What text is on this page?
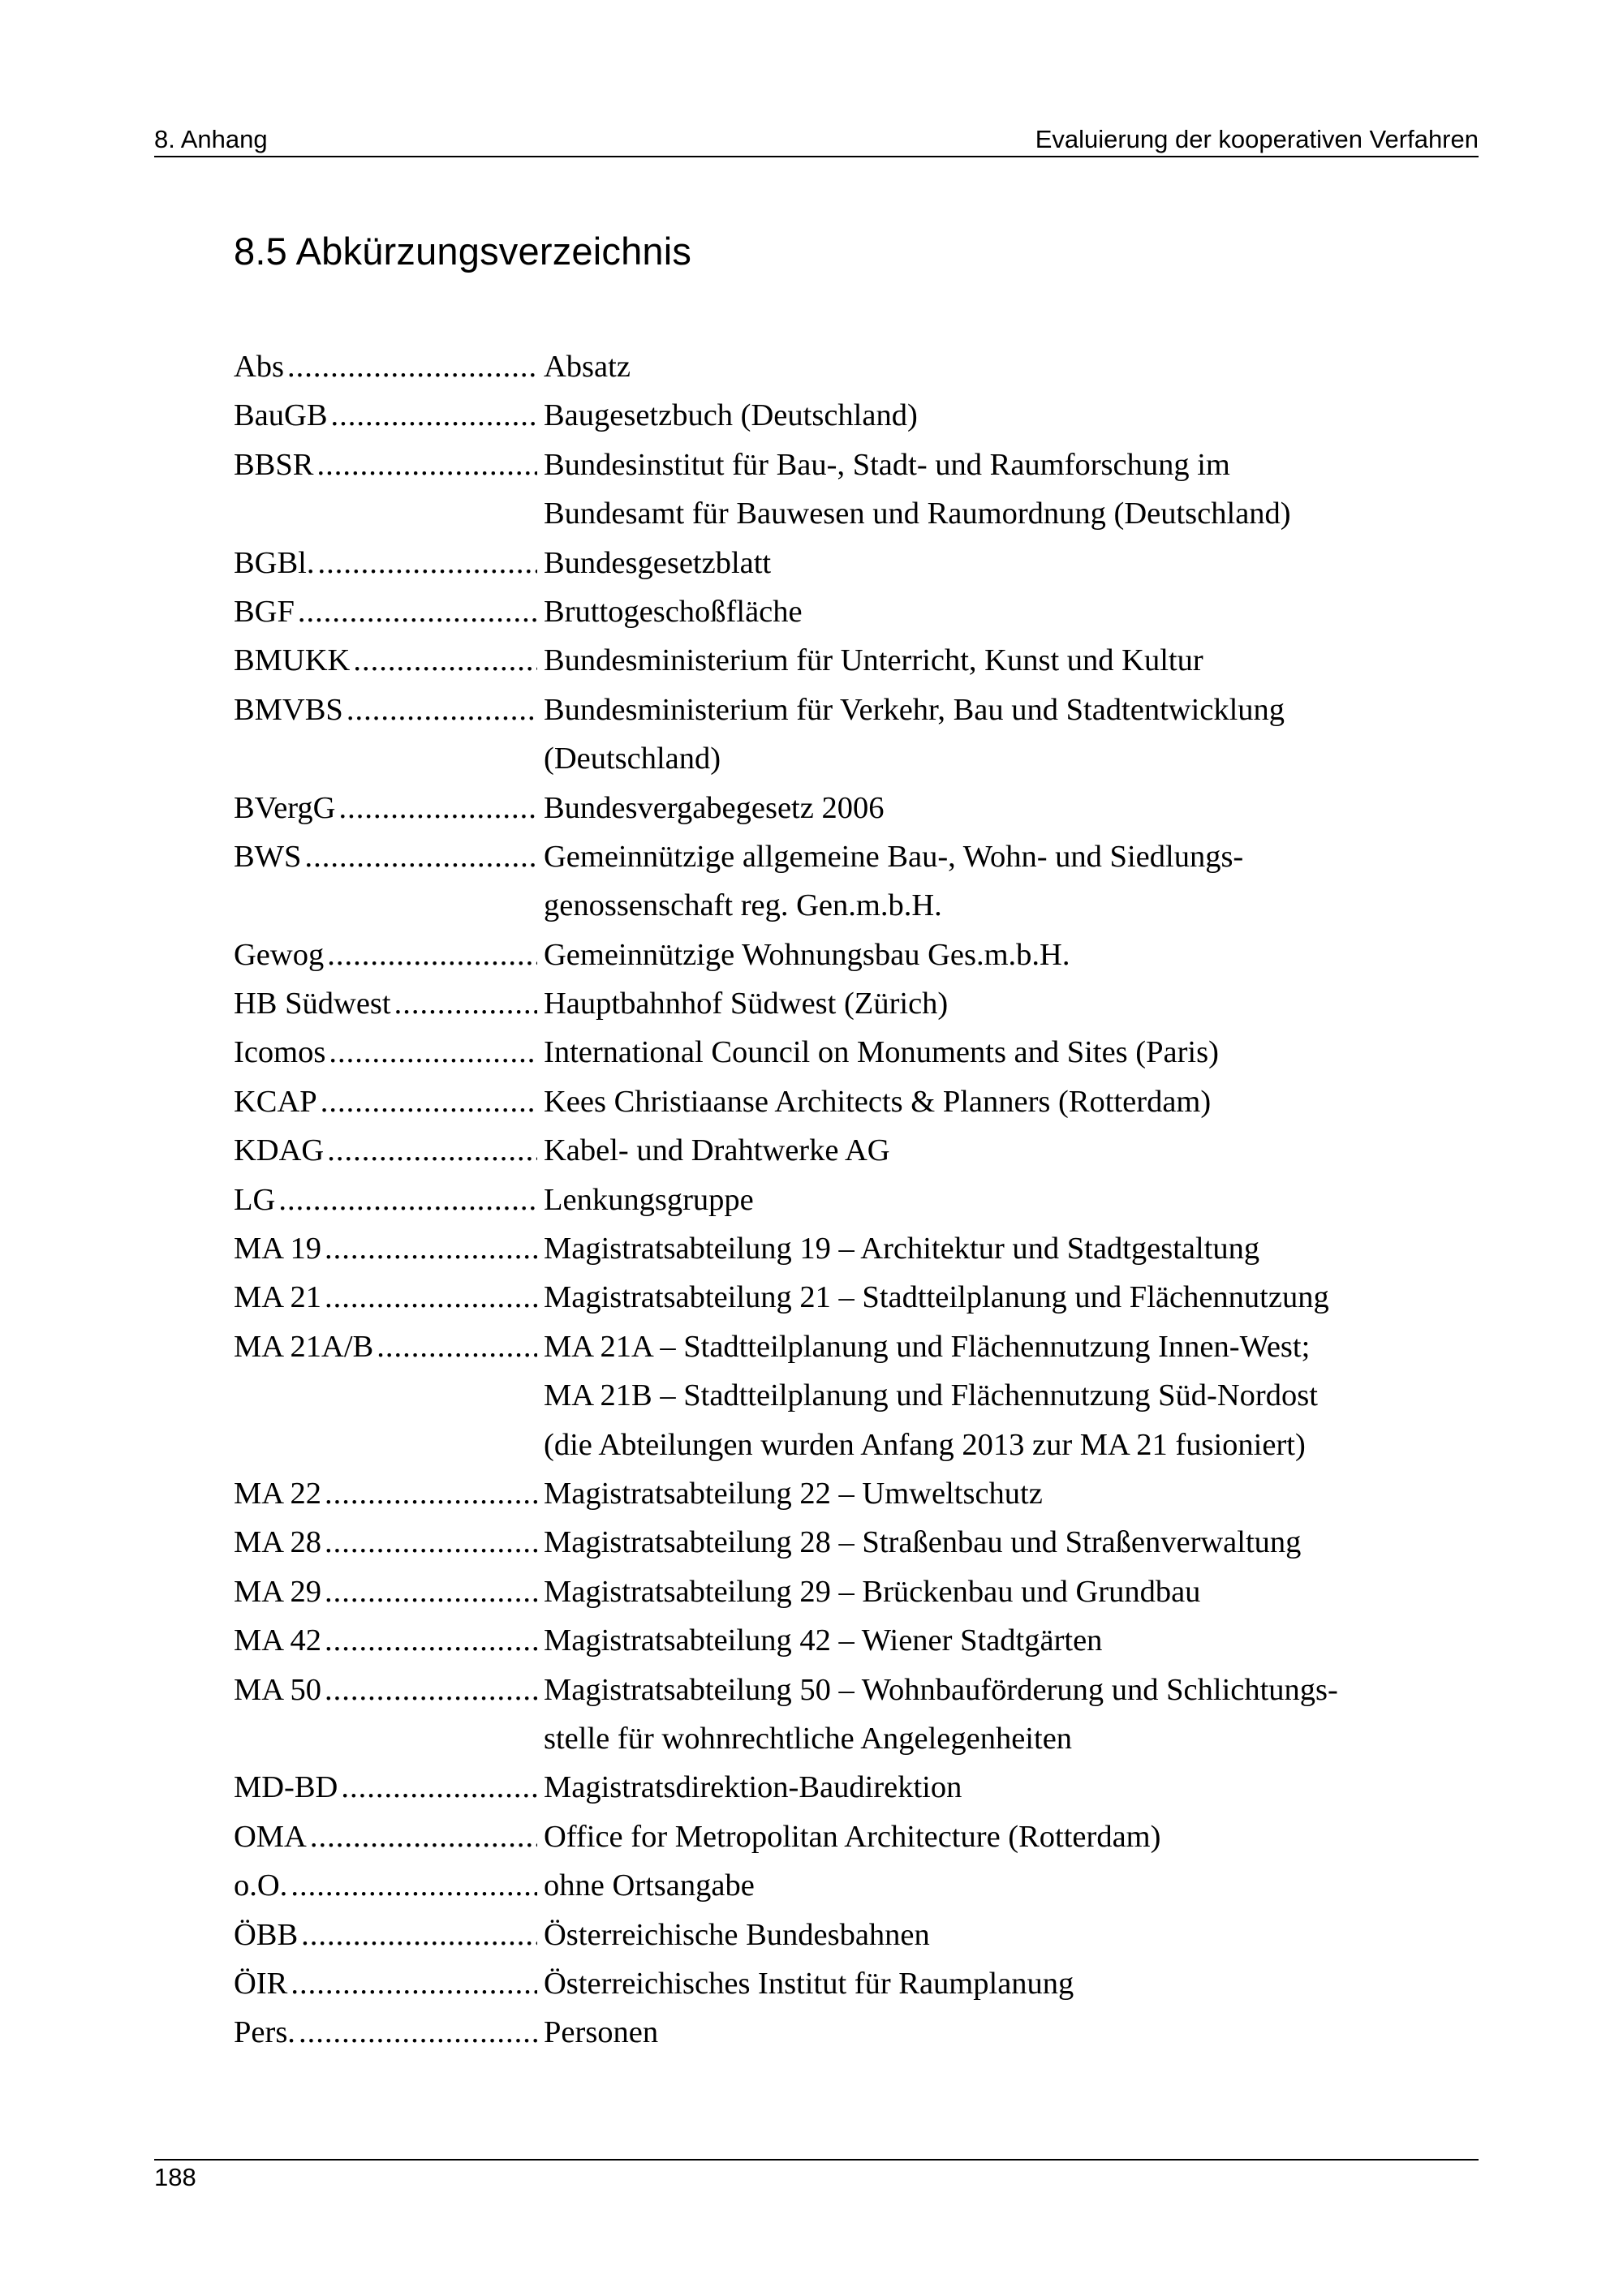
8. Anhang	Evaluierung der kooperativen Verfahren
8.5 Abkürzungsverzeichnis
Abs .....	Absatz
BauGB .....	Baugesetzbuch (Deutschland)
BBSR .....	Bundesinstitut für Bau-, Stadt- und Raumforschung im
Bundesamt für Bauwesen und Raumordnung (Deutschland)
BGBl. .....	Bundesgesetzblatt
BGF .....	Bruttogeschoßfläche
BMUKK .....	Bundesministerium für Unterricht, Kunst und Kultur
BMVBS .....	Bundesministerium für Verkehr, Bau und Stadtentwicklung
(Deutschland)
BVergG .....	Bundesvergabegesetz 2006
BWS .....	Gemeinnützige allgemeine Bau-, Wohn- und Siedlungs-
genossenschaft reg. Gen.m.b.H.
Gewog .....	Gemeinnützige Wohnungsbau Ges.m.b.H.
HB Südwest .....	Hauptbahnhof Südwest (Zürich)
Icomos .....	International Council on Monuments and Sites (Paris)
KCAP .....	Kees Christiaanse Architects & Planners (Rotterdam)
KDAG .....	Kabel- und Drahtwerke AG
LG .....	Lenkungsgruppe
MA 19 .....	Magistratsabteilung 19 – Architektur und Stadtgestaltung
MA 21 .....	Magistratsabteilung 21 – Stadtteilplanung und Flächennutzung
MA 21A/B .....	MA 21A – Stadtteilplanung und Flächennutzung Innen-West;
MA 21B – Stadtteilplanung und Flächennutzung Süd-Nordost
(die Abteilungen wurden Anfang 2013 zur MA 21 fusioniert)
MA 22 .....	Magistratsabteilung 22 – Umweltschutz
MA 28 .....	Magistratsabteilung 28 – Straßenbau und Straßenverwaltung
MA 29 .....	Magistratsabteilung 29 – Brückenbau und Grundbau
MA 42 .....	Magistratsabteilung 42 – Wiener Stadtgärten
MA 50 .....	Magistratsabteilung 50 – Wohnbauförderung und Schlichtungs-
stelle für wohnrechtliche Angelegenheiten
MD-BD .....	Magistratsdirektion-Baudirektion
OMA .....	Office for Metropolitan Architecture (Rotterdam)
o.O. .....	ohne Ortsangabe
ÖBB .....	Österreichische Bundesbahnen
ÖIR .....	Österreichisches Institut für Raumplanung
Pers. .....	Personen
188
